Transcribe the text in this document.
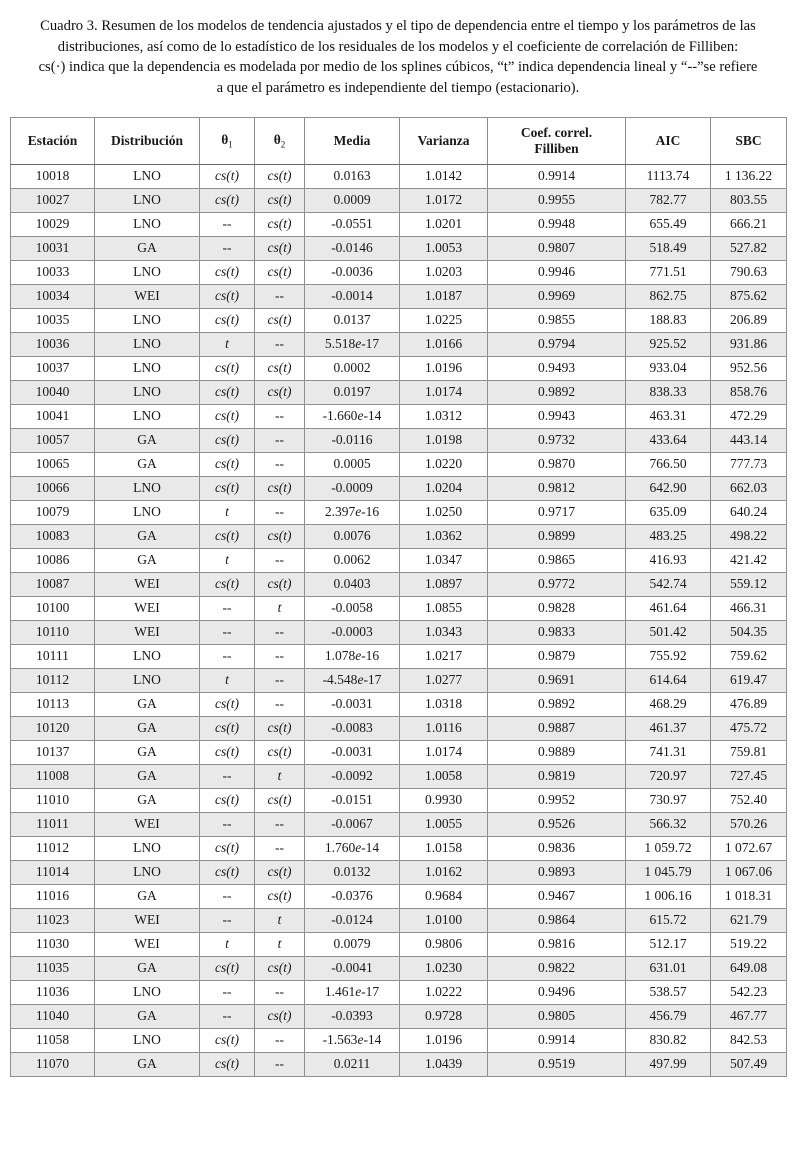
Cuadro 3. Resumen de los modelos de tendencia ajustados y el tipo de dependencia entre el tiempo y los parámetros de las
distribuciones, así como de lo estadístico de los residuales de los modelos y el coeficiente de correlación de Filliben:
cs(·) indica que la dependencia es modelada por medio de los splines cúbicos, “t” indica dependencia lineal y “--”se refiere
a que el parámetro es independiente del tiempo (estacionario).
Estación	Distribución	$\theta_1$	$\theta_2$	Media	Varianza	Coef. correl.
Filliben	AIC	SBC
10018	LNO	cs(t)	cs(t)	0.0163	1.0142	0.9914	1113.74	1 136.22
10027	LNO	cs(t)	cs(t)	0.0009	1.0172	0.9955	782.77	803.55
10029	LNO	--	cs(t)	-0.0551	1.0201	0.9948	655.49	666.21
10031	GA	--	cs(t)	-0.0146	1.0053	0.9807	518.49	527.82
10033	LNO	cs(t)	cs(t)	-0.0036	1.0203	0.9946	771.51	790.63
10034	WEI	cs(t)	--	-0.0014	1.0187	0.9969	862.75	875.62
10035	LNO	cs(t)	cs(t)	0.0137	1.0225	0.9855	188.83	206.89
10036	LNO	t	--	5.518e-17	1.0166	0.9794	925.52	931.86
10037	LNO	cs(t)	cs(t)	0.0002	1.0196	0.9493	933.04	952.56
10040	LNO	cs(t)	cs(t)	0.0197	1.0174	0.9892	838.33	858.76
10041	LNO	cs(t)	--	-1.660e-14	1.0312	0.9943	463.31	472.29
10057	GA	cs(t)	--	-0.0116	1.0198	0.9732	433.64	443.14
10065	GA	cs(t)	--	0.0005	1.0220	0.9870	766.50	777.73
10066	LNO	cs(t)	cs(t)	-0.0009	1.0204	0.9812	642.90	662.03
10079	LNO	t	--	2.397e-16	1.0250	0.9717	635.09	640.24
10083	GA	cs(t)	cs(t)	0.0076	1.0362	0.9899	483.25	498.22
10086	GA	t	--	0.0062	1.0347	0.9865	416.93	421.42
10087	WEI	cs(t)	cs(t)	0.0403	1.0897	0.9772	542.74	559.12
10100	WEI	--	t	-0.0058	1.0855	0.9828	461.64	466.31
10110	WEI	--	--	-0.0003	1.0343	0.9833	501.42	504.35
10111	LNO	--	--	1.078e-16	1.0217	0.9879	755.92	759.62
10112	LNO	t	--	-4.548e-17	1.0277	0.9691	614.64	619.47
10113	GA	cs(t)	--	-0.0031	1.0318	0.9892	468.29	476.89
10120	GA	cs(t)	cs(t)	-0.0083	1.0116	0.9887	461.37	475.72
10137	GA	cs(t)	cs(t)	-0.0031	1.0174	0.9889	741.31	759.81
11008	GA	--	t	-0.0092	1.0058	0.9819	720.97	727.45
11010	GA	cs(t)	cs(t)	-0.0151	0.9930	0.9952	730.97	752.40
11011	WEI	--	--	-0.0067	1.0055	0.9526	566.32	570.26
11012	LNO	cs(t)	--	1.760e-14	1.0158	0.9836	1 059.72	1 072.67
11014	LNO	cs(t)	cs(t)	0.0132	1.0162	0.9893	1 045.79	1 067.06
11016	GA	--	cs(t)	-0.0376	0.9684	0.9467	1 006.16	1 018.31
11023	WEI	--	t	-0.0124	1.0100	0.9864	615.72	621.79
11030	WEI	t	t	0.0079	0.9806	0.9816	512.17	519.22
11035	GA	cs(t)	cs(t)	-0.0041	1.0230	0.9822	631.01	649.08
11036	LNO	--	--	1.461e-17	1.0222	0.9496	538.57	542.23
11040	GA	--	cs(t)	-0.0393	0.9728	0.9805	456.79	467.77
11058	LNO	cs(t)	--	-1.563e-14	1.0196	0.9914	830.82	842.53
11070	GA	cs(t)	--	0.0211	1.0439	0.9519	497.99	507.49
